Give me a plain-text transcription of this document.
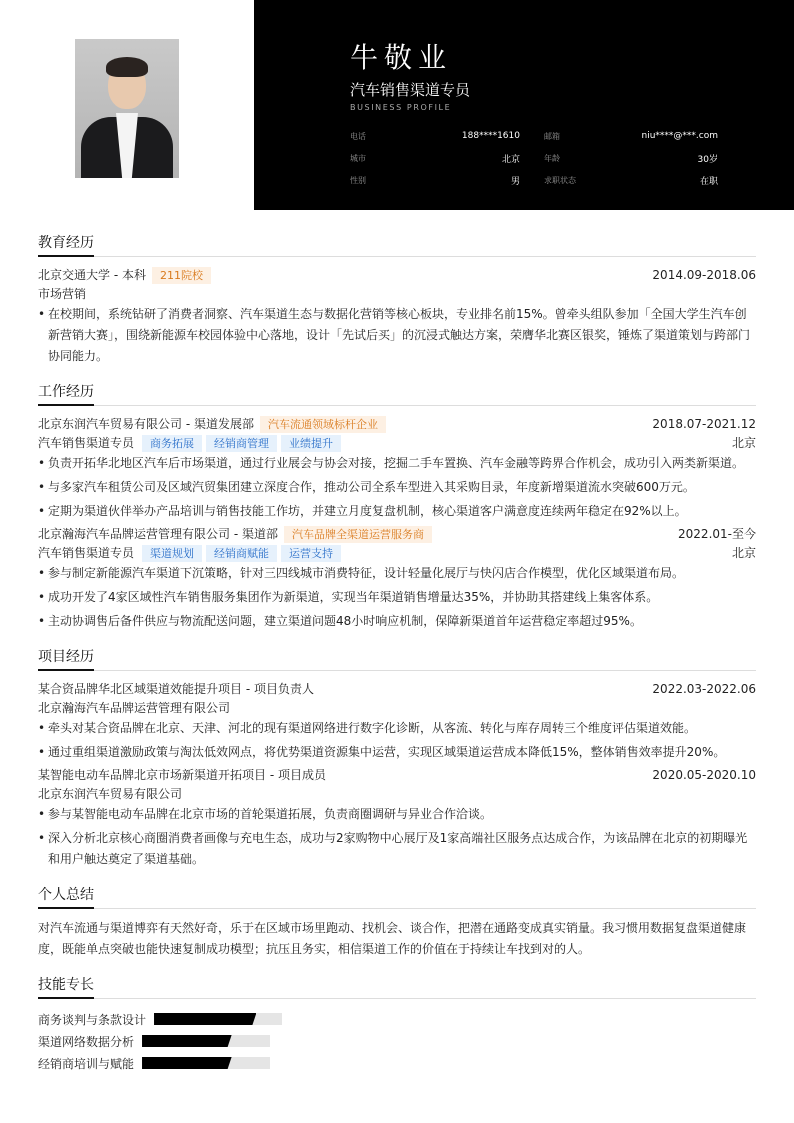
牛敬业
汽车销售渠道专员
BUSINESS PROFILE
电话	188****1610	邮箱	niu****@***.com
城市	北京	年龄	30岁
性别	男	求职状态	在职
教育经历
北京交通大学 - 本科	211院校	2014.09-2018.06
市场营销
• 在校期间，系统钻研了消费者洞察、汽车渠道生态与数据化营销等核心板块，专业排名前15%。曾牵头组队参加「全国大学生汽车创新营销大赛」，围绕新能源车校园体验中心落地，设计「先试后买」的沉浸式触达方案，荣膺华北赛区银奖，锤炼了渠道策划与跨部门协同能力。
工作经历
北京东润汽车贸易有限公司 - 渠道发展部	汽车流通领域标杆企业	2018.07-2021.12
汽车销售渠道专员	商务拓展	经销商管理	业绩提升	北京
• 负责开拓华北地区汽车后市场渠道，通过行业展会与协会对接，挖掘二手车置换、汽车金融等跨界合作机会，成功引入两类新渠道。
• 与多家汽车租赁公司及区域汽贸集团建立深度合作，推动公司全系车型进入其采购目录，年度新增渠道流水突破600万元。
• 定期为渠道伙伴举办产品培训与销售技能工作坊，并建立月度复盘机制，核心渠道客户满意度连续两年稳定在92%以上。
北京瀚海汽车品牌运营管理有限公司 - 渠道部	汽车品牌全渠道运营服务商	2022.01-至今
汽车销售渠道专员	渠道规划	经销商赋能	运营支持	北京
• 参与制定新能源汽车渠道下沉策略，针对三四线城市消费特征，设计轻量化展厅与快闪店合作模型，优化区域渠道布局。
• 成功开发了4家区域性汽车销售服务集团作为新渠道，实现当年渠道销售增量达35%，并协助其搭建线上集客体系。
• 主动协调售后备件供应与物流配送问题，建立渠道问题48小时响应机制，保障新渠道首年运营稳定率超过95%。
项目经历
某合资品牌华北区域渠道效能提升项目 - 项目负责人	2022.03-2022.06
北京瀚海汽车品牌运营管理有限公司
• 牵头对某合资品牌在北京、天津、河北的现有渠道网络进行数字化诊断，从客流、转化与库存周转三个维度评估渠道效能。
• 通过重组渠道激励政策与淘汰低效网点，将优势渠道资源集中运营，实现区域渠道运营成本降低15%，整体销售效率提升20%。
某智能电动车品牌北京市场新渠道开拓项目 - 项目成员	2020.05-2020.10
北京东润汽车贸易有限公司
• 参与某智能电动车品牌在北京市场的首轮渠道拓展，负责商圈调研与异业合作洽谈。
• 深入分析北京核心商圈消费者画像与充电生态，成功与2家购物中心展厅及1家高端社区服务点达成合作，为该品牌在北京的初期曝光和用户触达奠定了渠道基础。
个人总结
对汽车流通与渠道博弈有天然好奇，乐于在区域市场里跑动、找机会、谈合作，把潜在通路变成真实销量。我习惯用数据复盘渠道健康度，既能单点突破也能快速复制成功模型；抗压且务实，相信渠道工作的价值在于持续让车找到对的人。
技能专长
商务谈判与条款设计
渠道网络数据分析
经销商培训与赋能
